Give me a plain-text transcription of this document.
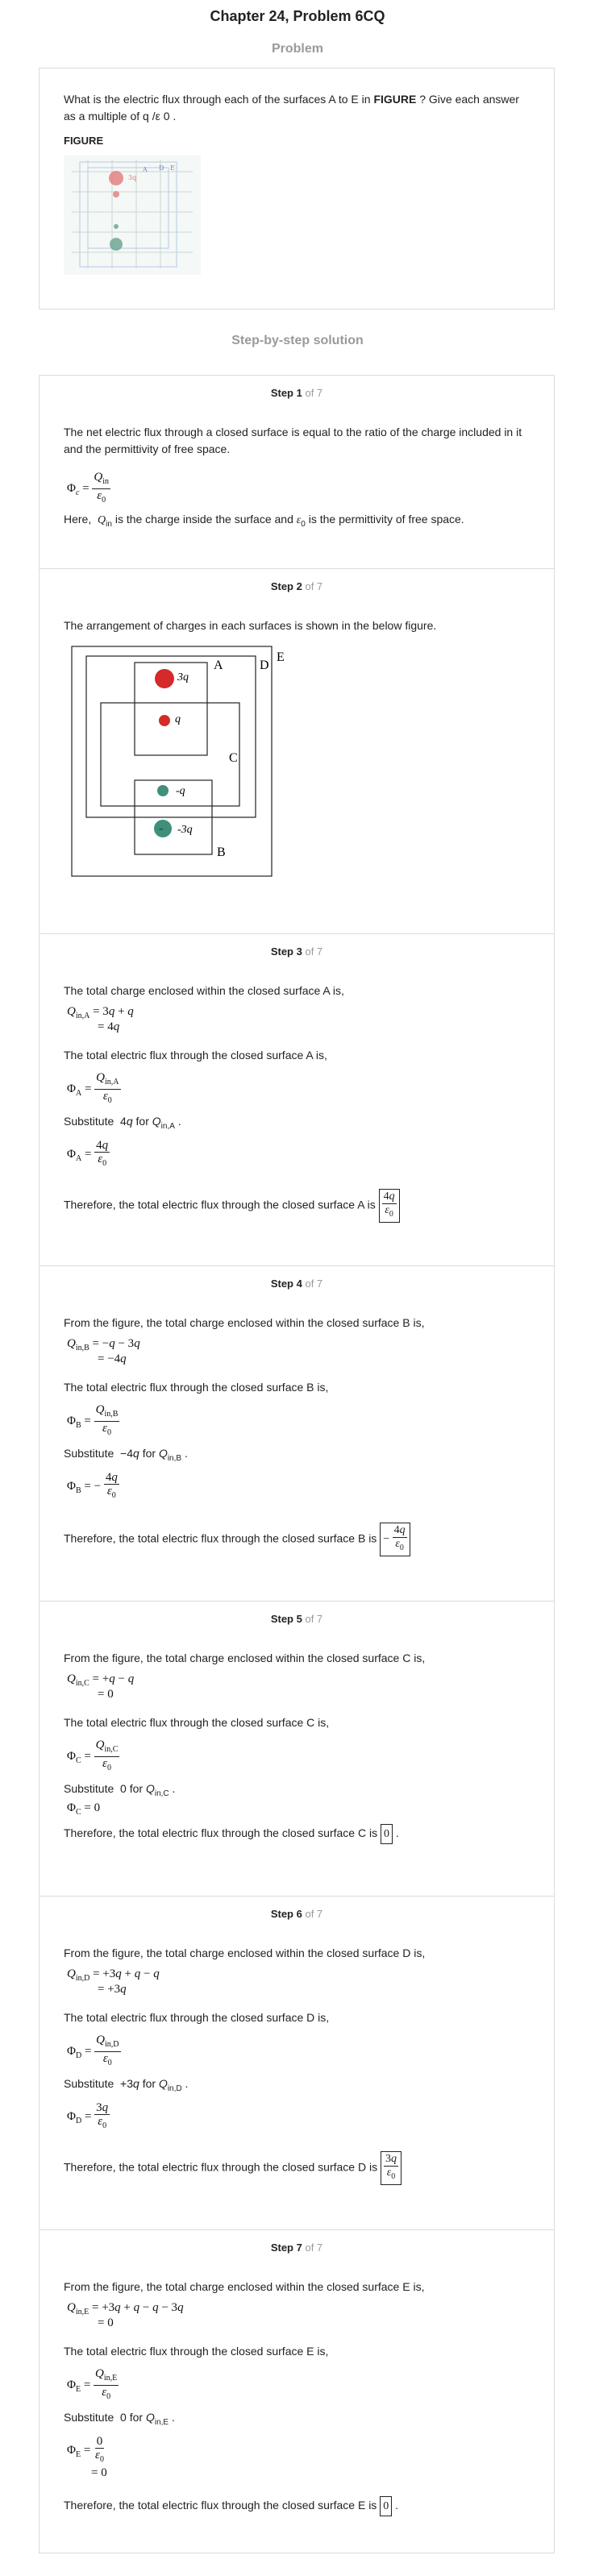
Chapter 24, Problem 6CQ
Problem
What is the electric flux through each of the surfaces A to E in FIGURE ? Give each answer as a multiple of q /ε 0 .
FIGURE
3q
A D E
Step-by-step solution
Step 1 of 7
The net electric flux through a closed surface is equal to the ratio of the charge included in it and the permittivity of free space.
$\Phi_c = \frac{Q_{in}}{\varepsilon_0}$
Here, $Q_{in}$ is the charge inside the surface and $\varepsilon_0$ is the permittivity of free space.
Step 2 of 7
The arrangement of charges in each surfaces is shown in the below figure.
–
3q
q
-q
-3q
A
B
C
D
E
Step 3 of 7
The total charge enclosed within the closed surface A is,
$Q_{in,A} = 3q + q$
= 4q
The total electric flux through the closed surface A is,
$\Phi_A = \frac{Q_{in,A}}{\varepsilon_0}$
Substitute  4q for $Q_{in,A}$ .
$\Phi_A = \frac{4q}{\varepsilon_0}$
Therefore, the total electric flux through the closed surface A is $\frac{4q}{\varepsilon_0}$
Step 4 of 7
From the figure, the total charge enclosed within the closed surface B is,
$Q_{in,B} = -q - 3q$
= −4q
The total electric flux through the closed surface B is,
$\Phi_B = \frac{Q_{in,B}}{\varepsilon_0}$
Substitute  −4q for $Q_{in,B}$ .
$\Phi_B$ = − $\frac{4q}{\varepsilon_0}$
Therefore, the total electric flux through the closed surface B is − $\frac{4q}{\varepsilon_0}$
Step 5 of 7
From the figure, the total charge enclosed within the closed surface C is,
$Q_{in,C} = +q - q$
= 0
The total electric flux through the closed surface C is,
$\Phi_C = \frac{Q_{in,C}}{\varepsilon_0}$
Substitute  0 for $Q_{in,C}$ .
$\Phi_C = 0$
Therefore, the total electric flux through the closed surface C is 0 .
Step 6 of 7
From the figure, the total charge enclosed within the closed surface D is,
$Q_{in,D} = +3q + q - q$
= +3q
The total electric flux through the closed surface D is,
$\Phi_D = \frac{Q_{in,D}}{\varepsilon_0}$
Substitute  +3q for $Q_{in,D}$ .
$\Phi_D = \frac{3q}{\varepsilon_0}$
Therefore, the total electric flux through the closed surface D is $\frac{3q}{\varepsilon_0}$
Step 7 of 7
From the figure, the total charge enclosed within the closed surface E is,
$Q_{in,E} = +3q + q - q - 3q$
= 0
The total electric flux through the closed surface E is,
$\Phi_E = \frac{Q_{in,E}}{\varepsilon_0}$
Substitute  0 for $Q_{in,E}$ .
$\Phi_E = \frac{0}{\varepsilon_0}$

= 0
Therefore, the total electric flux through the closed surface E is 0 .
